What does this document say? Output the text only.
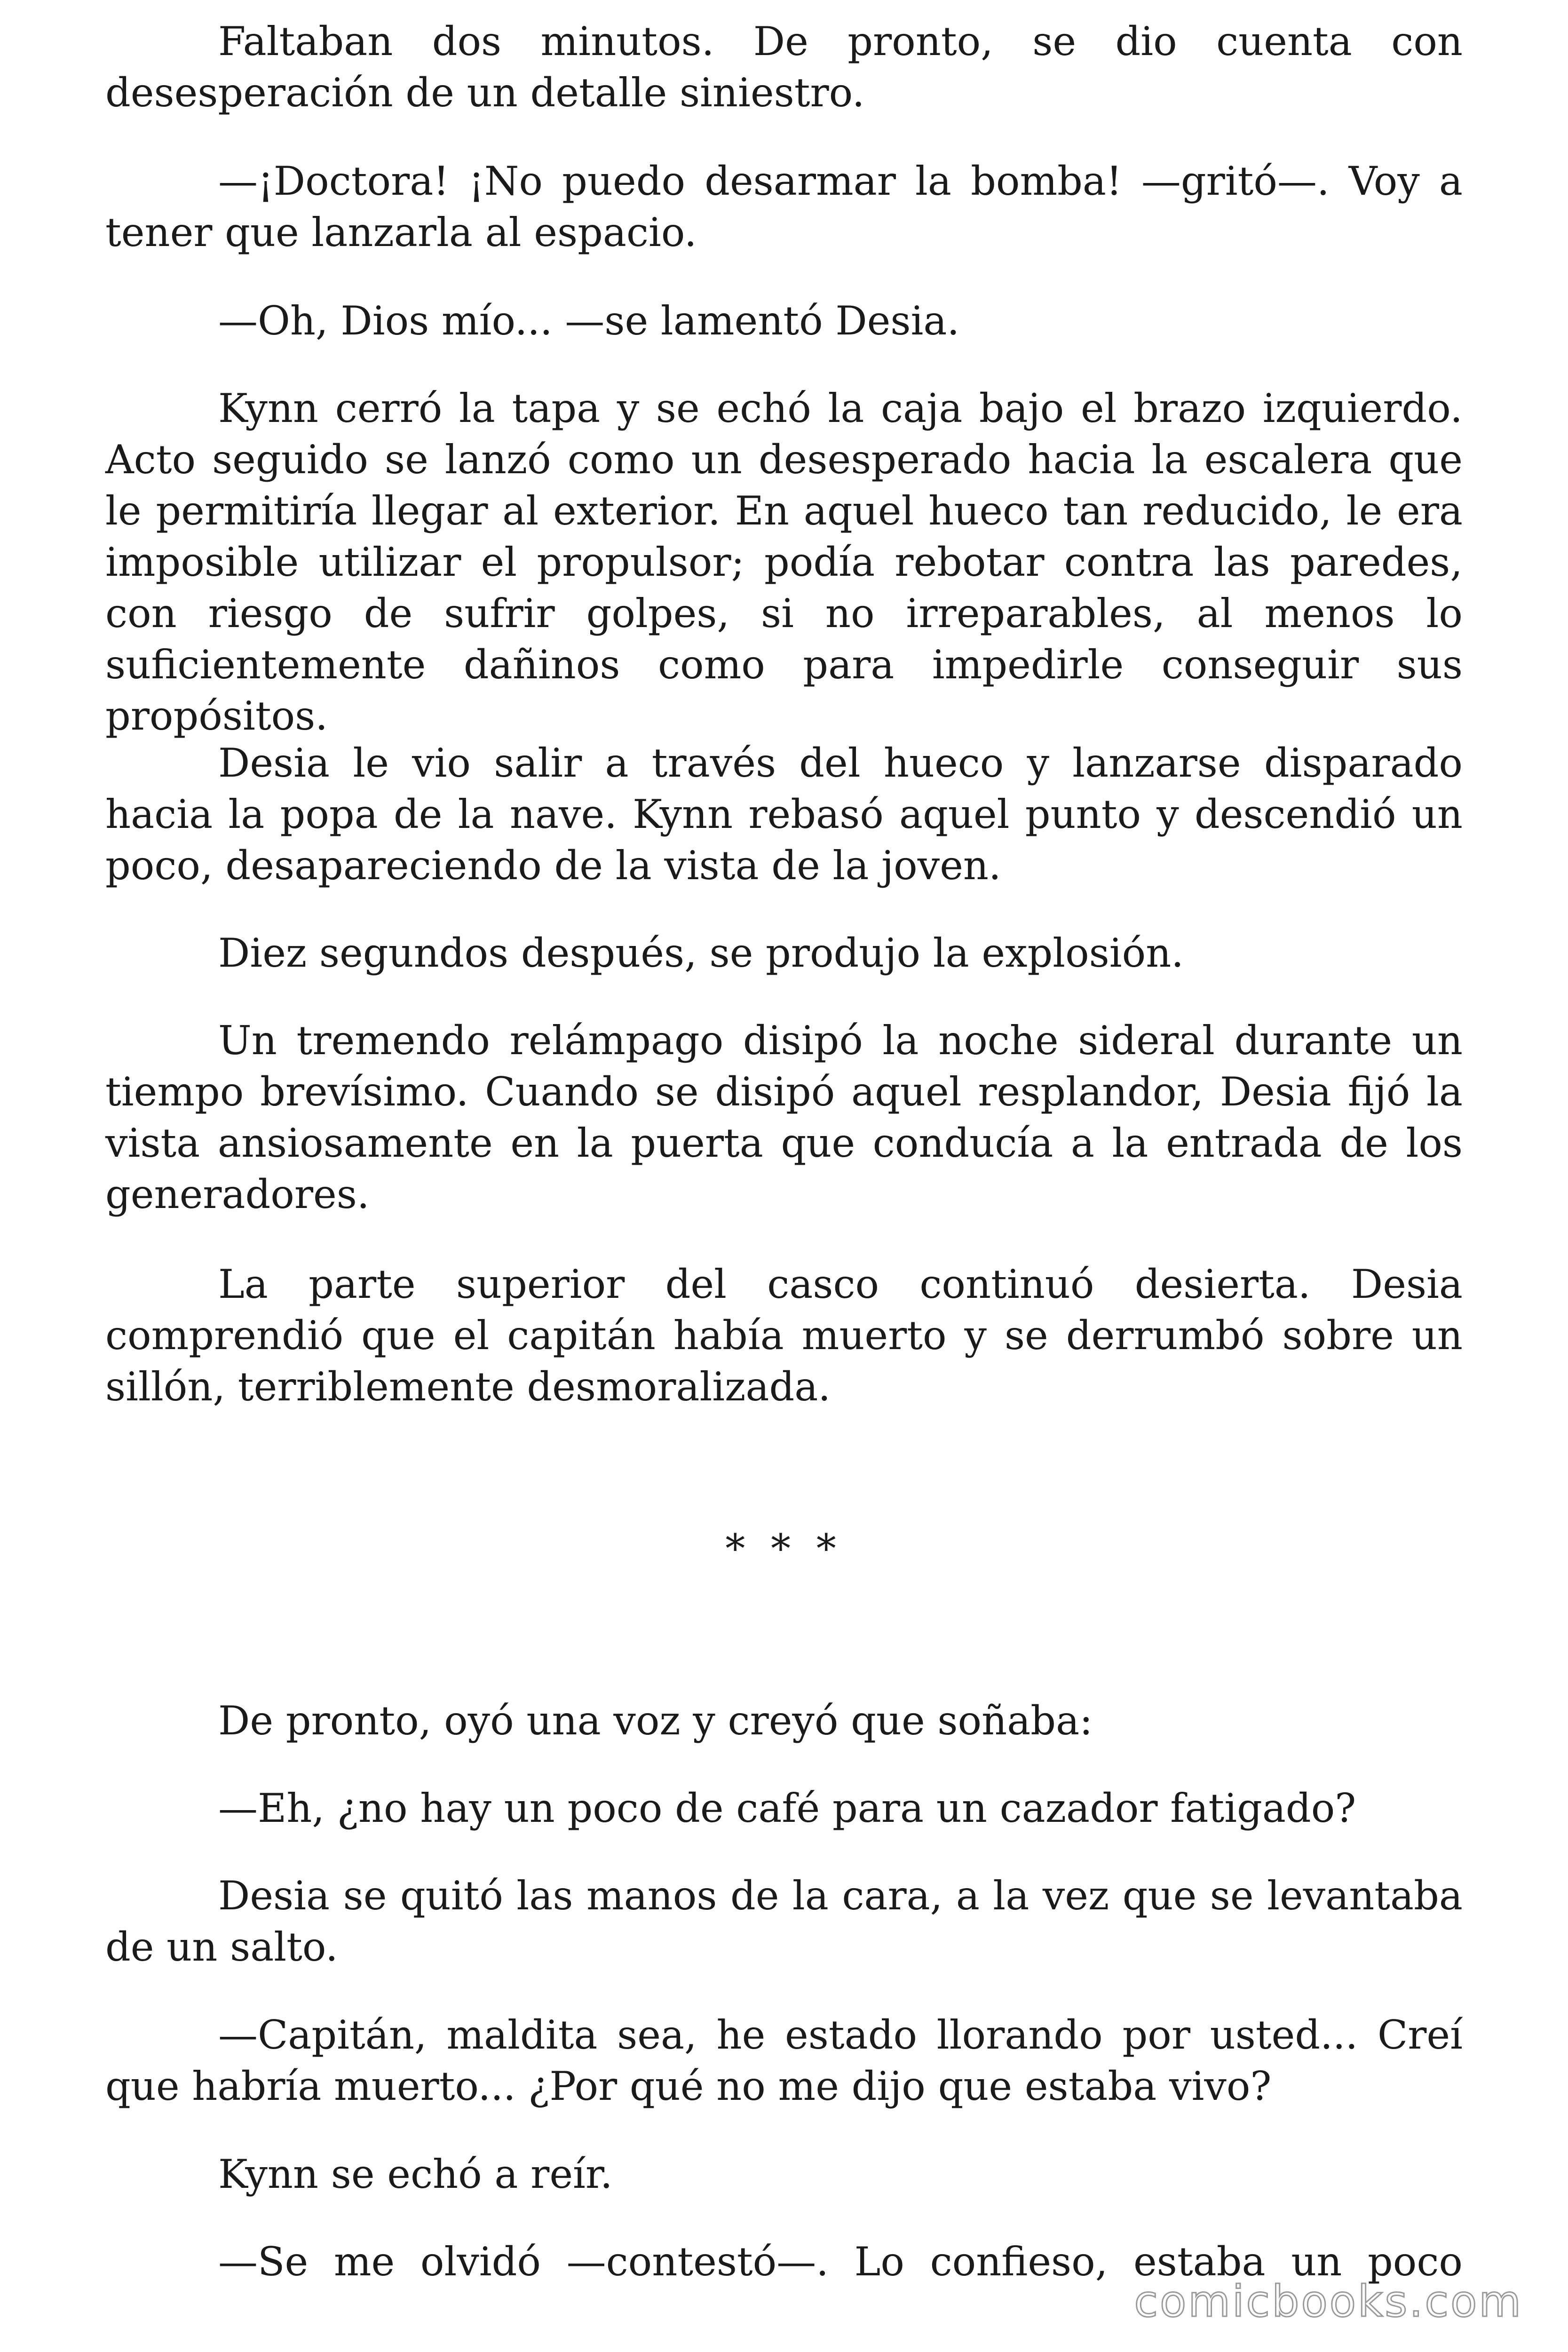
Faltaban dos minutos. De pronto, se dio cuenta con desesperación de un detalle siniestro.

—¡Doctora! ¡No puedo desarmar la bomba! —gritó—. Voy a tener que lanzarla al espacio.

—Oh, Dios mío... —se lamentó Desia.

Kynn cerró la tapa y se echó la caja bajo el brazo izquierdo. Acto seguido se lanzó como un desesperado hacia la escalera que le permitiría llegar al exterior. En aquel hueco tan reducido, le era imposible utilizar el propulsor; podía rebotar contra las paredes, con riesgo de sufrir golpes, si no irreparables, al menos lo suficientemente dañinos como para impedirle conseguir sus propósitos.

Desia le vio salir a través del hueco y lanzarse disparado hacia la popa de la nave. Kynn rebasó aquel punto y descendió un poco, desapareciendo de la vista de la joven.

Diez segundos después, se produjo la explosión.

Un tremendo relámpago disipó la noche sideral durante un tiempo brevísimo. Cuando se disipó aquel resplandor, Desia fijó la vista ansiosamente en la puerta que conducía a la entrada de los generadores.

La parte superior del casco continuó desierta. Desia comprendió que el capitán había muerto y se derrumbó sobre un sillón, terriblemente desmoralizada.

* * *

De pronto, oyó una voz y creyó que soñaba:

—Eh, ¿no hay un poco de café para un cazador fatigado?

Desia se quitó las manos de la cara, a la vez que se levantaba de un salto.

—Capitán, maldita sea, he estado llorando por usted... Creí que habría muerto... ¿Por qué no me dijo que estaba vivo?

Kynn se echó a reír.

—Se me olvidó —contestó—. Lo confieso, estaba un poco

comicbooks.com
